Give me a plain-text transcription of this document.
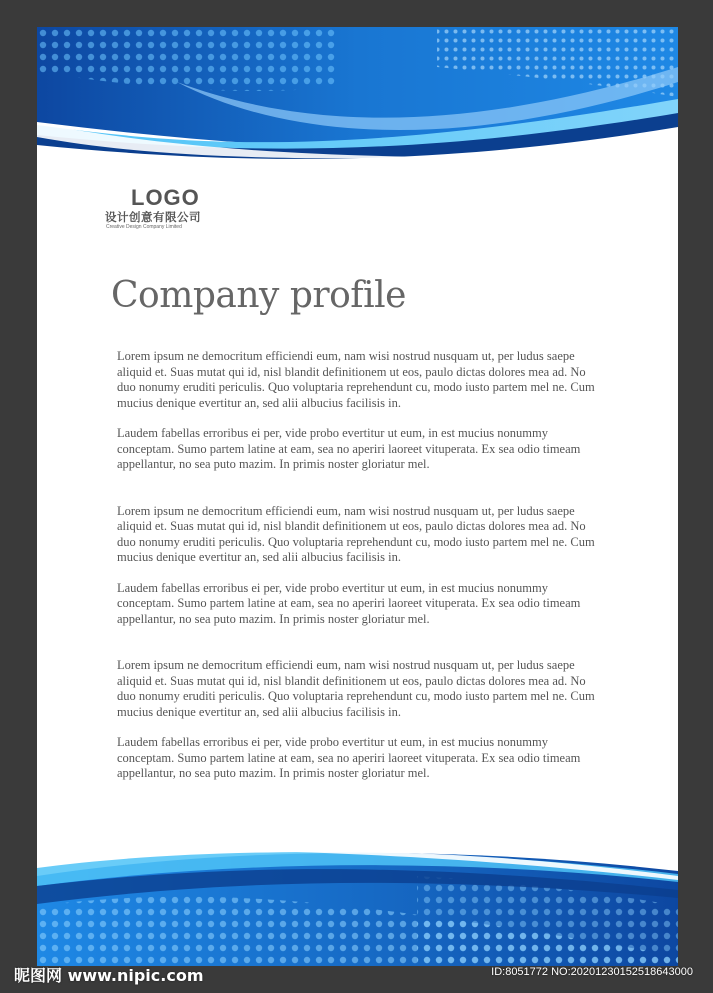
LOGO
设计创意有限公司
Creative Design Company Limited
Company profile

Lorem ipsum ne democritum efficiendi eum, nam wisi nostrud nusquam ut, per ludus saepe aliquid et. Suas mutat qui id, nisl blandit definitionem ut eos, paulo dictas dolores mea ad. No duo nonumy eruditi periculis. Quo voluptaria reprehendunt cu, modo iusto partem mel ne. Cum mucius denique evertitur an, sed alii albucius facilisis in.

Laudem fabellas erroribus ei per, vide probo evertitur ut eum, in est mucius nonummy conceptam. Sumo partem latine at eam, sea no aperiri laoreet vituperata. Ex sea odio timeam appellantur, no sea puto mazim. In primis noster gloriatur mel.

Lorem ipsum ne democritum efficiendi eum, nam wisi nostrud nusquam ut, per ludus saepe aliquid et. Suas mutat qui id, nisl blandit definitionem ut eos, paulo dictas dolores mea ad. No duo nonumy eruditi periculis. Quo voluptaria reprehendunt cu, modo iusto partem mel ne. Cum mucius denique evertitur an, sed alii albucius facilisis in.

Laudem fabellas erroribus ei per, vide probo evertitur ut eum, in est mucius nonummy conceptam. Sumo partem latine at eam, sea no aperiri laoreet vituperata. Ex sea odio timeam appellantur, no sea puto mazim. In primis noster gloriatur mel.

Lorem ipsum ne democritum efficiendi eum, nam wisi nostrud nusquam ut, per ludus saepe aliquid et. Suas mutat qui id, nisl blandit definitionem ut eos, paulo dictas dolores mea ad. No duo nonumy eruditi periculis. Quo voluptaria reprehendunt cu, modo iusto partem mel ne. Cum mucius denique evertitur an, sed alii albucius facilisis in.

Laudem fabellas erroribus ei per, vide probo evertitur ut eum, in est mucius nonummy conceptam. Sumo partem latine at eam, sea no aperiri laoreet vituperata. Ex sea odio timeam appellantur, no sea puto mazim. In primis noster gloriatur mel.

昵图网 www.nipic.com	ID:8051772 NO:20201230152518643000
